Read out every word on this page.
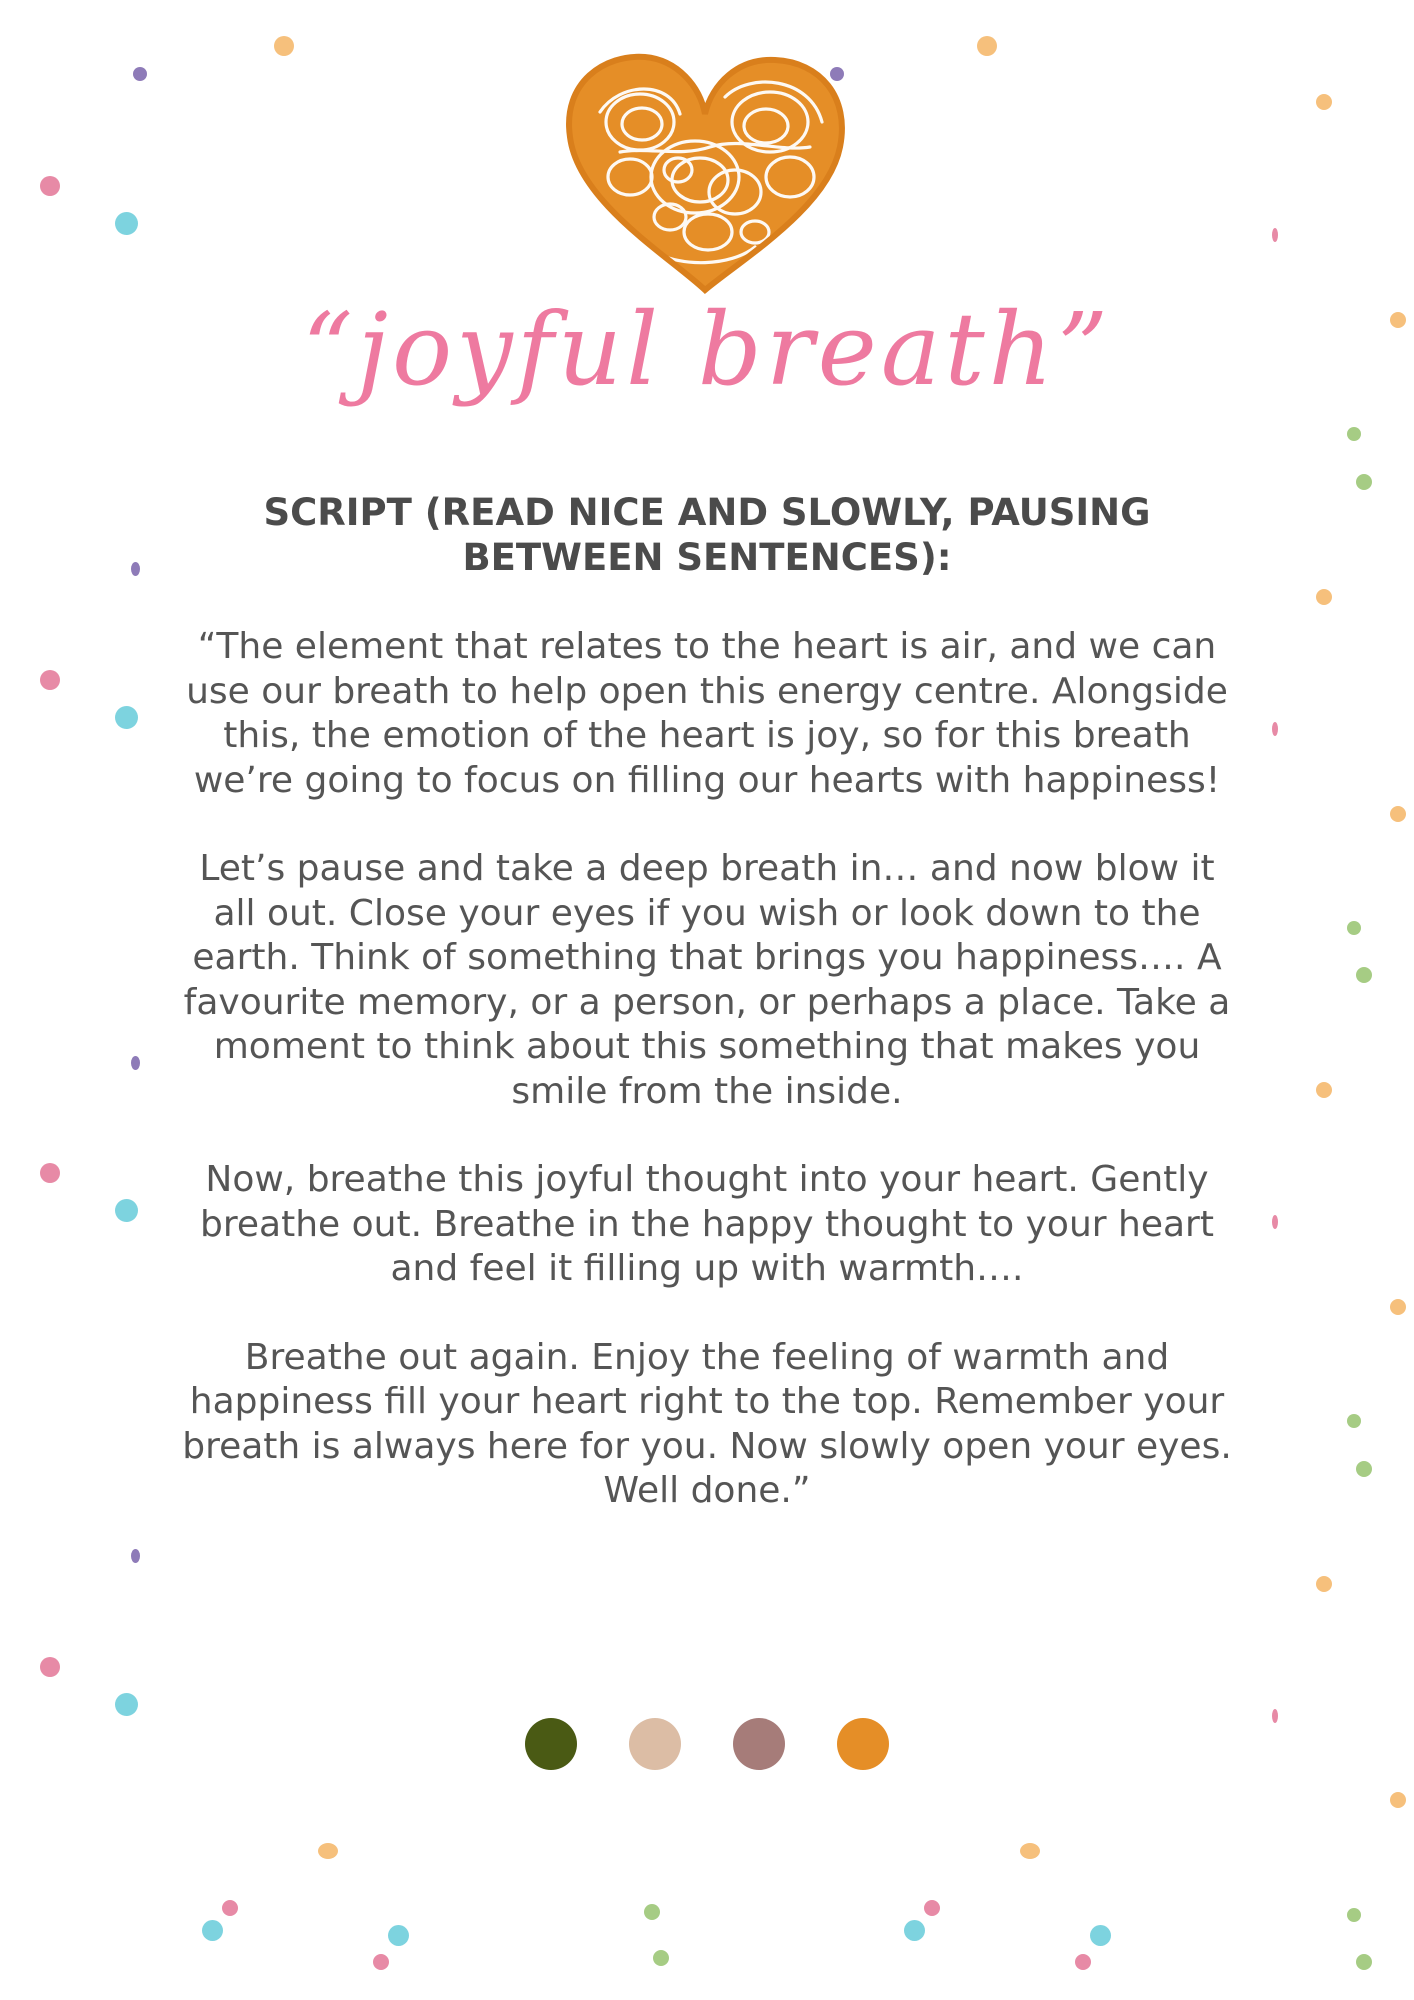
“joyful breath”
SCRIPT (READ NICE AND SLOWLY, PAUSING BETWEEN SENTENCES):

“The element that relates to the heart is air, and we can use our breath to help open this energy centre. Alongside this, the emotion of the heart is joy, so for this breath we’re going to focus on filling our hearts with happiness!

Let’s pause and take a deep breath in… and now blow it all out. Close your eyes if you wish or look down to the earth. Think of something that brings you happiness…. A favourite memory, or a person, or perhaps a place. Take a moment to think about this something that makes you smile from the inside.

Now, breathe this joyful thought into your heart. Gently breathe out. Breathe in the happy thought to your heart and feel it filling up with warmth….

Breathe out again. Enjoy the feeling of warmth and happiness fill your heart right to the top. Remember your breath is always here for you. Now slowly open your eyes. Well done.”
